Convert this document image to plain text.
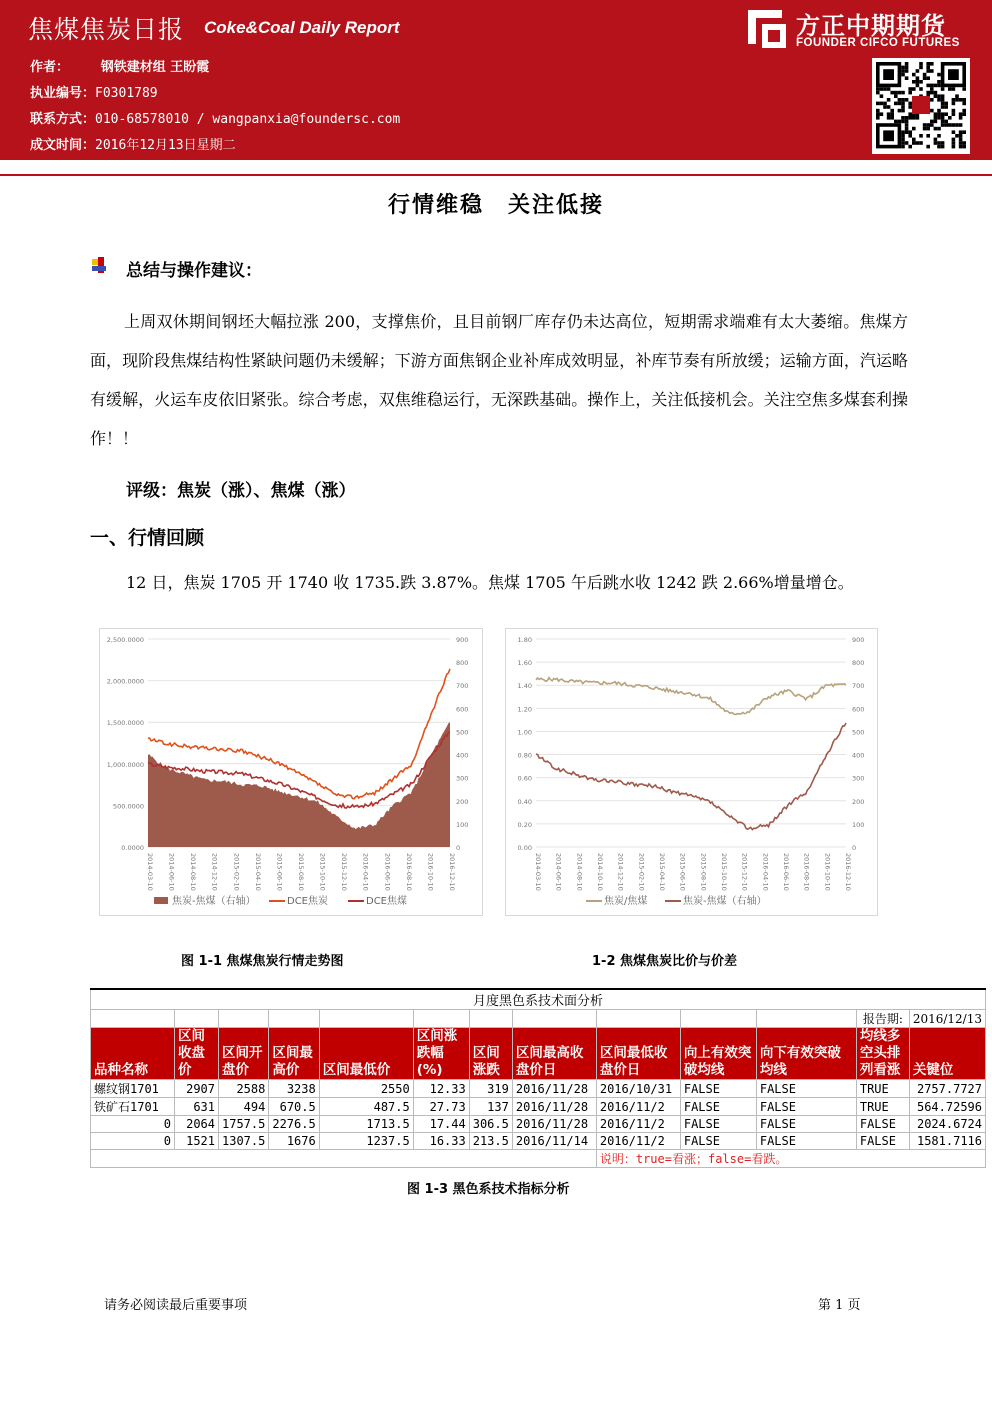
焦煤焦炭日报 Coke&Coal Daily Report
作者： 钢铁建材组 王盼霞
执业编号：F0301789
联系方式：010-68578010 / wangpanxia@foundersc.com
成文时间：2016年12月13日星期二
方正中期期货
FOUNDER CIFCO FUTURES
行情维稳　关注低接
总结与操作建议：
上周双休期间钢坯大幅拉涨 200，支撑焦价，且目前钢厂库存仍未达高位，短期需求端难有太大萎缩。焦煤方面，现阶段焦煤结构性紧缺问题仍未缓解；下游方面焦钢企业补库成效明显，补库节奏有所放缓；运输方面，汽运略有缓解，火运车皮依旧紧张。综合考虑，双焦维稳运行，无深跌基础。操作上，关注低接机会。关注空焦多煤套利操作！！
评级：焦炭（涨）、焦煤（涨）
一、行情回顾
12 日，焦炭 1705 开 1740 收 1735.跌 3.87%。焦煤 1705 午后跳水收 1242 跌 2.66%增量增仓。
0.0000
500.0000
1,000.0000
1,500.0000
2,000.0000
2,500.0000
0
100
200
300
400
500
600
700
800
900
2014-03-10 2014-06-10 2014-08-10 2014-12-10 2015-02-10 2015-04-10 2015-06-10 2015-08-10 2015-10-10 2015-12-10 2016-04-10 2016-06-10 2016-08-10 2016-10-10 2016-12-10
焦炭-焦煤（右轴）	DCE焦炭	DCE焦煤
0.00
0.20
0.40
0.60
0.80
1.00
1.20
1.40
1.60
1.80
0
100
200
300
400
500
600
700
800
900
2014-03-10 2014-06-10 2014-08-10 2014-10-10 2014-12-10 2015-02-10 2015-04-10 2015-06-10 2015-08-10 2015-10-10 2015-12-10 2016-04-10 2016-06-10 2016-08-10 2016-10-10 2016-12-10
焦炭/焦煤	焦炭-焦煤（右轴）
图 1-1 焦煤焦炭行情走势图	1-2 焦煤焦炭比价与价差
月度黑色系技术面分析												
											报告期:	2016/12/13
品种名称	区间收盘价	区间开盘价	区间最高价	区间最低价	区间涨跌幅(%)	区间涨跌	区间最高收盘价日	区间最低收盘价日	向上有效突破均线	向下有效突破均线	均线多空头排列看涨	关键位
螺纹钢1701	2907	2588	3238	2550	12.33	319	2016/11/28	2016/10/31	FALSE	FALSE	TRUE	2757.7727
铁矿石1701	631	494	670.5	487.5	27.73	137	2016/11/28	2016/11/2	FALSE	FALSE	TRUE	564.72596
0	2064	1757.5	2276.5	1713.5	17.44	306.5	2016/11/28	2016/11/2	FALSE	FALSE	FALSE	2024.6724
0	1521	1307.5	1676	1237.5	16.33	213.5	2016/11/14	2016/11/2	FALSE	FALSE	FALSE	1581.7116
								说明：true=看涨；false=看跌。				
图 1-3 黑色系技术指标分析
请务必阅读最后重要事项	第 1 页
